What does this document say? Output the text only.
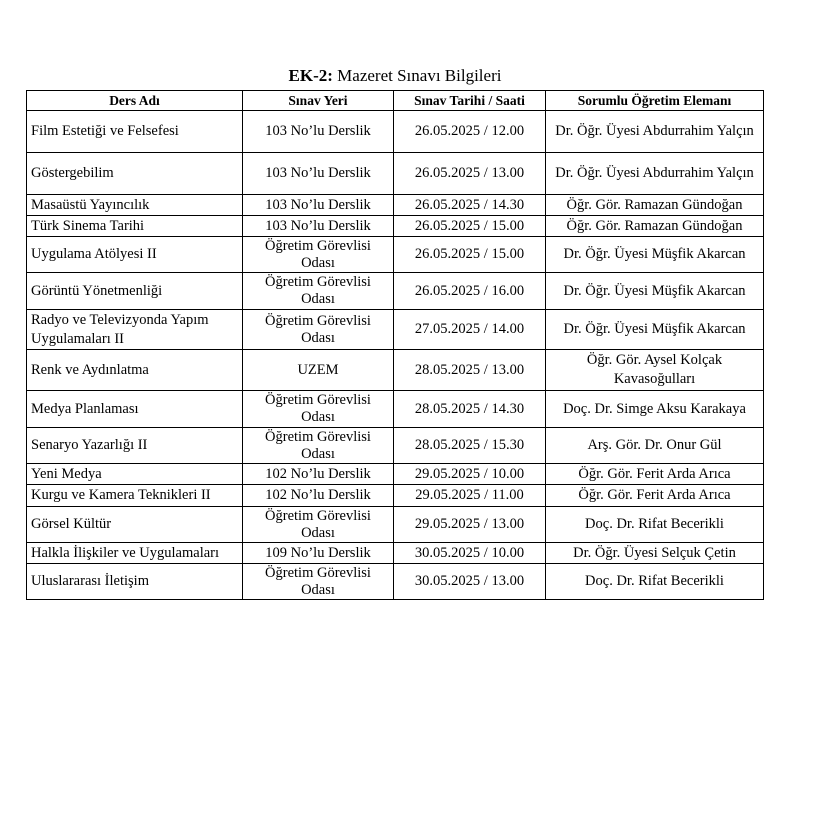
EK-2: Mazeret Sınavı Bilgileri
Ders Adı	Sınav Yeri	Sınav Tarihi / Saati	Sorumlu Öğretim Elemanı
Film Estetiği ve Felsefesi	103 No’lu Derslik	26.05.2025 / 12.00	Dr. Öğr. Üyesi Abdurrahim Yalçın
Göstergebilim	103 No’lu Derslik	26.05.2025 / 13.00	Dr. Öğr. Üyesi Abdurrahim Yalçın
Masaüstü Yayıncılık	103 No’lu Derslik	26.05.2025 / 14.30	Öğr. Gör. Ramazan Gündoğan
Türk Sinema Tarihi	103 No’lu Derslik	26.05.2025 / 15.00	Öğr. Gör. Ramazan Gündoğan
Uygulama Atölyesi II	Öğretim Görevlisi Odası	26.05.2025 / 15.00	Dr. Öğr. Üyesi Müşfik Akarcan
Görüntü Yönetmenliği	Öğretim Görevlisi Odası	26.05.2025 / 16.00	Dr. Öğr. Üyesi Müşfik Akarcan
Radyo ve Televizyonda Yapım Uygulamaları II	Öğretim Görevlisi Odası	27.05.2025 / 14.00	Dr. Öğr. Üyesi Müşfik Akarcan
Renk ve Aydınlatma	UZEM	28.05.2025 / 13.00	Öğr. Gör. Aysel Kolçak Kavasoğulları
Medya Planlaması	Öğretim Görevlisi Odası	28.05.2025 / 14.30	Doç. Dr. Simge Aksu Karakaya
Senaryo Yazarlığı II	Öğretim Görevlisi Odası	28.05.2025 / 15.30	Arş. Gör. Dr. Onur Gül
Yeni Medya	102 No’lu Derslik	29.05.2025 / 10.00	Öğr. Gör. Ferit Arda Arıca
Kurgu ve Kamera Teknikleri II	102 No’lu Derslik	29.05.2025 / 11.00	Öğr. Gör. Ferit Arda Arıca
Görsel Kültür	Öğretim Görevlisi Odası	29.05.2025 / 13.00	Doç. Dr. Rifat Becerikli
Halkla İlişkiler ve Uygulamaları	109 No’lu Derslik	30.05.2025 / 10.00	Dr. Öğr. Üyesi Selçuk Çetin
Uluslararası İletişim	Öğretim Görevlisi Odası	30.05.2025 / 13.00	Doç. Dr. Rifat Becerikli
